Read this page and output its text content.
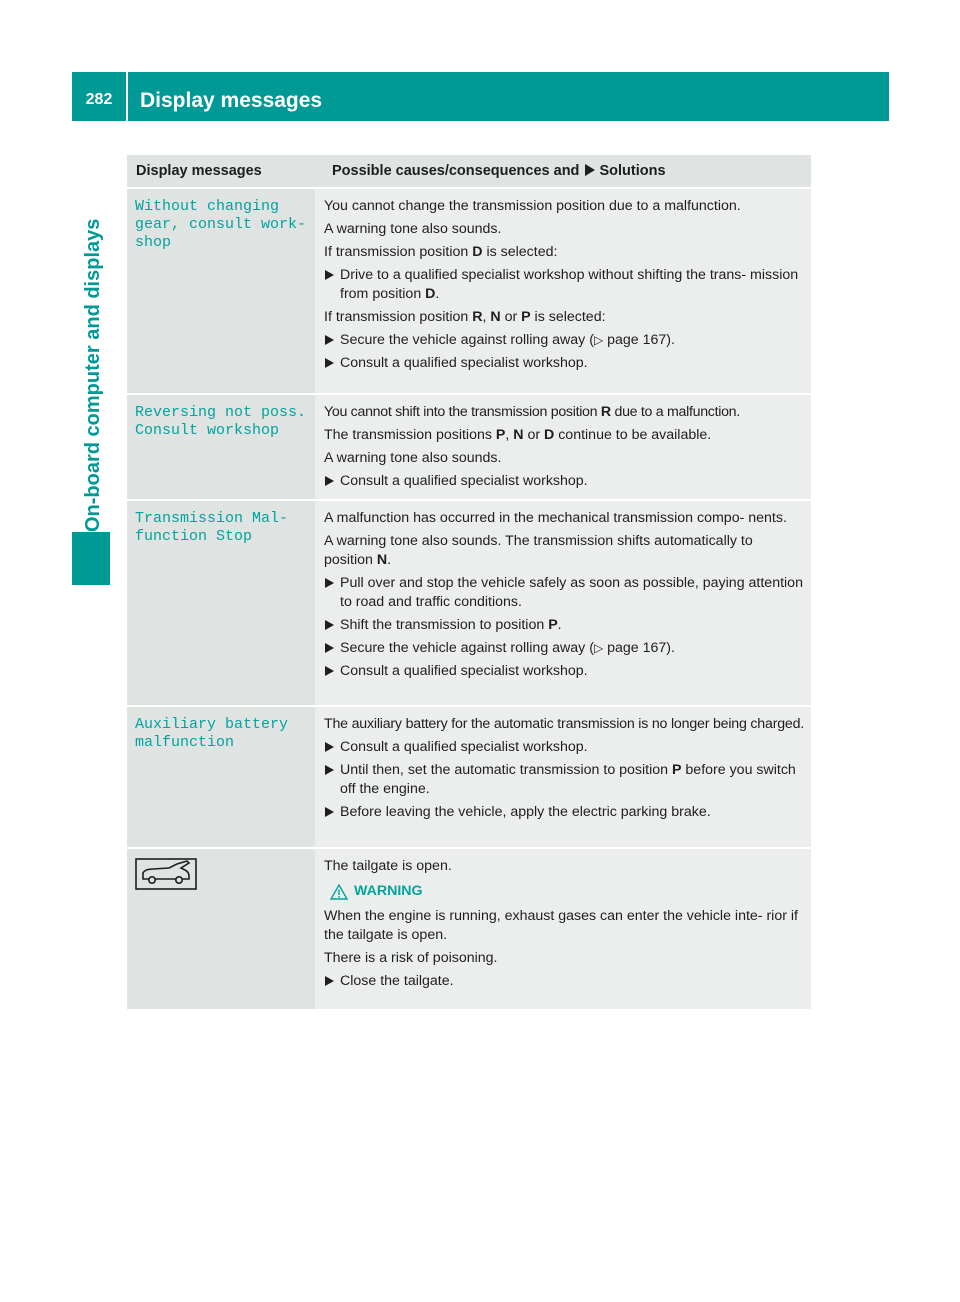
282	Display messages
On-board computer and displays
Display messages	Possible causes/consequences and Solutions
Without changing gear, consult work‐ shop

You cannot change the transmission position due to a malfunction.

A warning tone also sounds.

If transmission position D is selected:

Drive to a qualified specialist workshop without shifting the trans‐ mission from position D.

If transmission position R, N or P is selected:

Secure the vehicle against rolling away (▷ page 167).
Consult a qualified specialist workshop.
Reversing not poss. Consult workshop

You cannot shift into the transmission position R due to a malfunction.

The transmission positions P, N or D continue to be available.

A warning tone also sounds.

Consult a qualified specialist workshop.
Transmission Mal‐ function Stop

A malfunction has occurred in the mechanical transmission compo‐ nents.

A warning tone also sounds. The transmission shifts automatically to position N.

Pull over and stop the vehicle safely as soon as possible, paying attention to road and traffic conditions.
Shift the transmission to position P.
Secure the vehicle against rolling away (▷ page 167).
Consult a qualified specialist workshop.
Auxiliary battery malfunction

The auxiliary battery for the automatic transmission is no longer being charged.

Consult a qualified specialist workshop.
Until then, set the automatic transmission to position P before you switch off the engine.
Before leaving the vehicle, apply the electric parking brake.

The tailgate is open.

WARNING

When the engine is running, exhaust gases can enter the vehicle inte‐ rior if the tailgate is open.

There is a risk of poisoning.

Close the tailgate.
